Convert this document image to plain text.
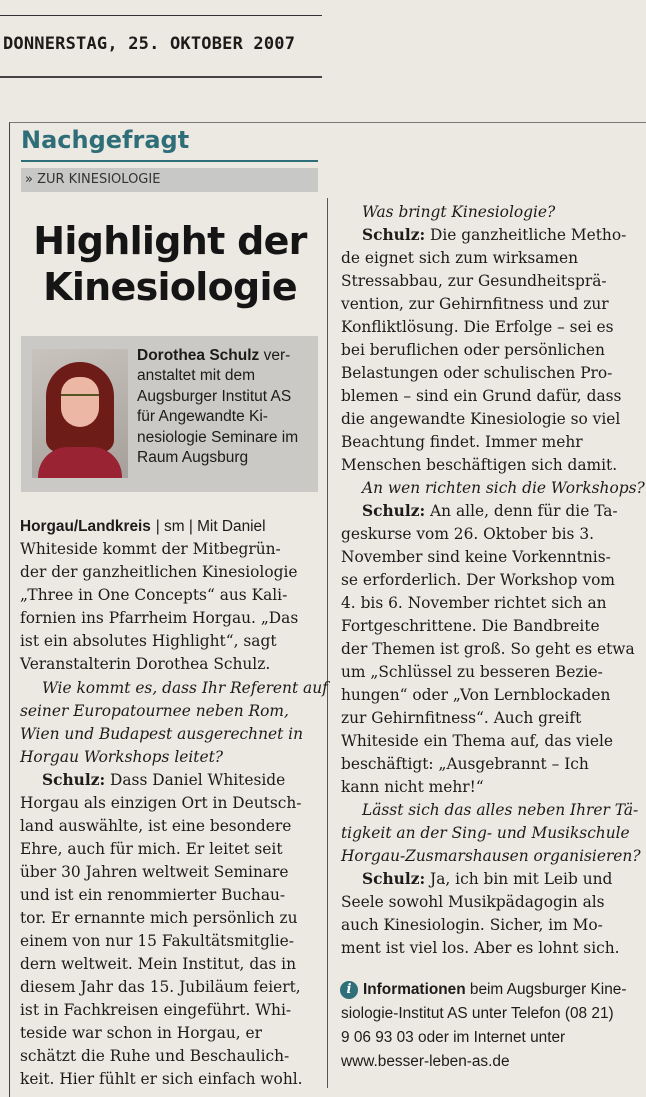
DONNERSTAG, 25. OKTOBER 2007
Nachgefragt
» ZUR KINESIOLOGIE
Highlight der
Kinesiologie
Dorothea Schulz ver-
anstaltet mit dem
Augsburger Institut AS
für Angewandte Ki-
nesiologie Seminare im
Raum Augsburg
Horgau/Landkreis | sm | Mit Daniel
Whiteside kommt der Mitbegrün-
der der ganzheitlichen Kinesiologie
„Three in One Concepts“ aus Kali-
fornien ins Pfarrheim Horgau. „Das
ist ein absolutes Highlight“, sagt
Veranstalterin Dorothea Schulz.
Wie kommt es, dass Ihr Referent auf
seiner Europatournee neben Rom,
Wien und Budapest ausgerechnet in
Horgau Workshops leitet?
Schulz: Dass Daniel Whiteside
Horgau als einzigen Ort in Deutsch-
land auswählte, ist eine besondere
Ehre, auch für mich. Er leitet seit
über 30 Jahren weltweit Seminare
und ist ein renommierter Buchau-
tor. Er ernannte mich persönlich zu
einem von nur 15 Fakultätsmitglie-
dern weltweit. Mein Institut, das in
diesem Jahr das 15. Jubiläum feiert,
ist in Fachkreisen eingeführt. Whi-
teside war schon in Horgau, er
schätzt die Ruhe und Beschaulich-
keit. Hier fühlt er sich einfach wohl.
Was bringt Kinesiologie?
Schulz: Die ganzheitliche Metho-
de eignet sich zum wirksamen
Stressabbau, zur Gesundheitsprä-
vention, zur Gehirnfitness und zur
Konfliktlösung. Die Erfolge – sei es
bei beruflichen oder persönlichen
Belastungen oder schulischen Pro-
blemen – sind ein Grund dafür, dass
die angewandte Kinesiologie so viel
Beachtung findet. Immer mehr
Menschen beschäftigen sich damit.
An wen richten sich die Workshops?
Schulz: An alle, denn für die Ta-
geskurse vom 26. Oktober bis 3.
November sind keine Vorkenntnis-
se erforderlich. Der Workshop vom
4. bis 6. November richtet sich an
Fortgeschrittene. Die Bandbreite
der Themen ist groß. So geht es etwa
um „Schlüssel zu besseren Bezie-
hungen“ oder „Von Lernblockaden
zur Gehirnfitness“. Auch greift
Whiteside ein Thema auf, das viele
beschäftigt: „Ausgebrannt – Ich
kann nicht mehr!“
Lässt sich das alles neben Ihrer Tä-
tigkeit an der Sing- und Musikschule
Horgau-Zusmarshausen organisieren?
Schulz: Ja, ich bin mit Leib und
Seele sowohl Musikpädagogin als
auch Kinesiologin. Sicher, im Mo-
ment ist viel los. Aber es lohnt sich.
i Informationen beim Augsburger Kine-
siologie-Institut AS unter Telefon (08 21)
9 06 93 03 oder im Internet unter
www.besser-leben-as.de
